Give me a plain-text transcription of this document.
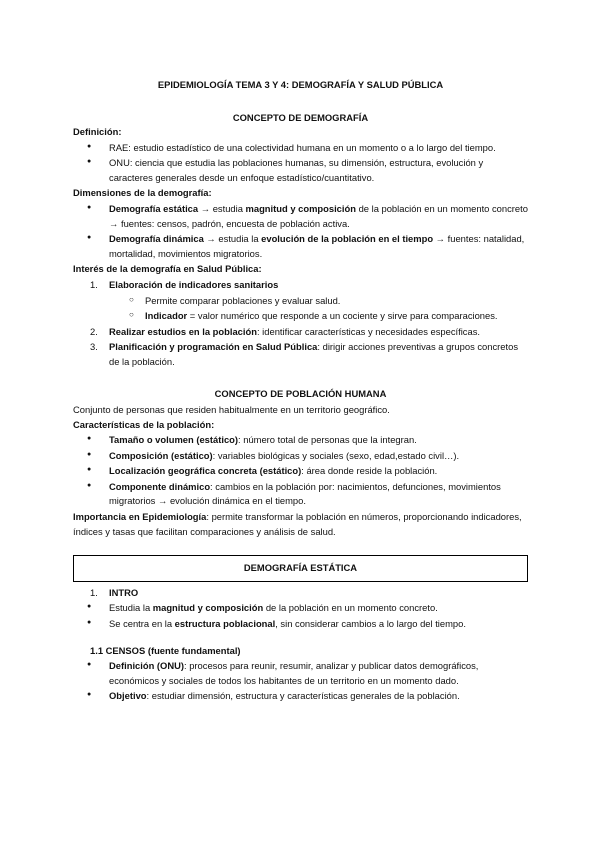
EPIDEMIOLOGÍA TEMA 3 Y 4: DEMOGRAFÍA Y SALUD PÚBLICA

CONCEPTO DE DEMOGRAFÍA

Definición:

● RAE: estudio estadístico de una colectividad humana en un momento o a lo largo del tiempo.
● ONU: ciencia que estudia las poblaciones humanas, su dimensión, estructura, evolución y caracteres generales desde un enfoque estadístico/cuantitativo.

Dimensiones de la demografía:

● Demografía estática → estudia magnitud y composición de la población en un momento concreto → fuentes: censos, padrón, encuesta de población activa.
● Demografía dinámica → estudia la evolución de la población en el tiempo → fuentes: natalidad, mortalidad, movimientos migratorios.

Interés de la demografía en Salud Pública:

1. Elaboración de indicadores sanitarios
○ Permite comparar poblaciones y evaluar salud.
○ Indicador = valor numérico que responde a un cociente y sirve para comparaciones.
2. Realizar estudios en la población: identificar características y necesidades específicas.
3. Planificación y programación en Salud Pública: dirigir acciones preventivas a grupos concretos de la población.

CONCEPTO DE POBLACIÓN HUMANA

Conjunto de personas que residen habitualmente en un territorio geográfico.

Características de la población:

● Tamaño o volumen (estático): número total de personas que la integran.
● Composición (estático): variables biológicas y sociales (sexo, edad,estado civil…).
● Localización geográfica concreta (estático): área donde reside la población.
● Componente dinámico: cambios en la población por: nacimientos, defunciones, movimientos migratorios → evolución dinámica en el tiempo.

Importancia en Epidemiología: permite transformar la población en números, proporcionando indicadores, índices y tasas que facilitan comparaciones y análisis de salud.

DEMOGRAFÍA ESTÁTICA
1. INTRO
● Estudia la magnitud y composición de la población en un momento concreto.
● Se centra en la estructura poblacional, sin considerar cambios a lo largo del tiempo.

1.1 CENSOS (fuente fundamental)

● Definición (ONU): procesos para reunir, resumir, analizar y publicar datos demográficos, económicos y sociales de todos los habitantes de un territorio en un momento dado.
● Objetivo: estudiar dimensión, estructura y características generales de la población.
